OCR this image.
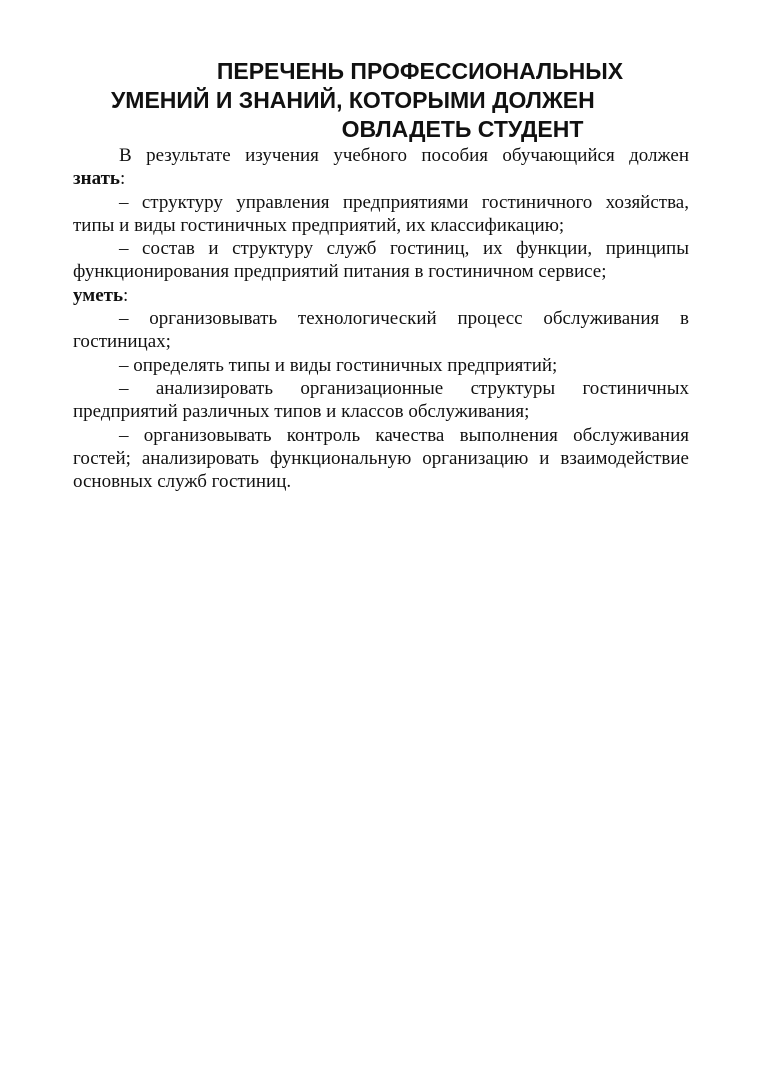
ПЕРЕЧЕНЬ ПРОФЕССИОНАЛЬНЫХ
УМЕНИЙ И ЗНАНИЙ, КОТОРЫМИ ДОЛЖЕН
ОВЛАДЕТЬ СТУДЕНТ

В результате изучения учебного пособия обучающийся должен

знать:

– структуру управления предприятиями гостиничного хозяйства, типы и виды гостиничных предприятий, их классификацию;

– состав и структуру служб гостиниц, их функции, принципы функционирования предприятий питания в гостиничном сервисе;

уметь:

– организовывать технологический процесс обслуживания в гостиницах;

– определять типы и виды гостиничных предприятий;

– анализировать организационные структуры гостиничных предприятий различных типов и классов обслуживания;

– организовывать контроль качества выполнения обслуживания гостей; анализировать функциональную организацию и взаимодействие основных служб гостиниц.
